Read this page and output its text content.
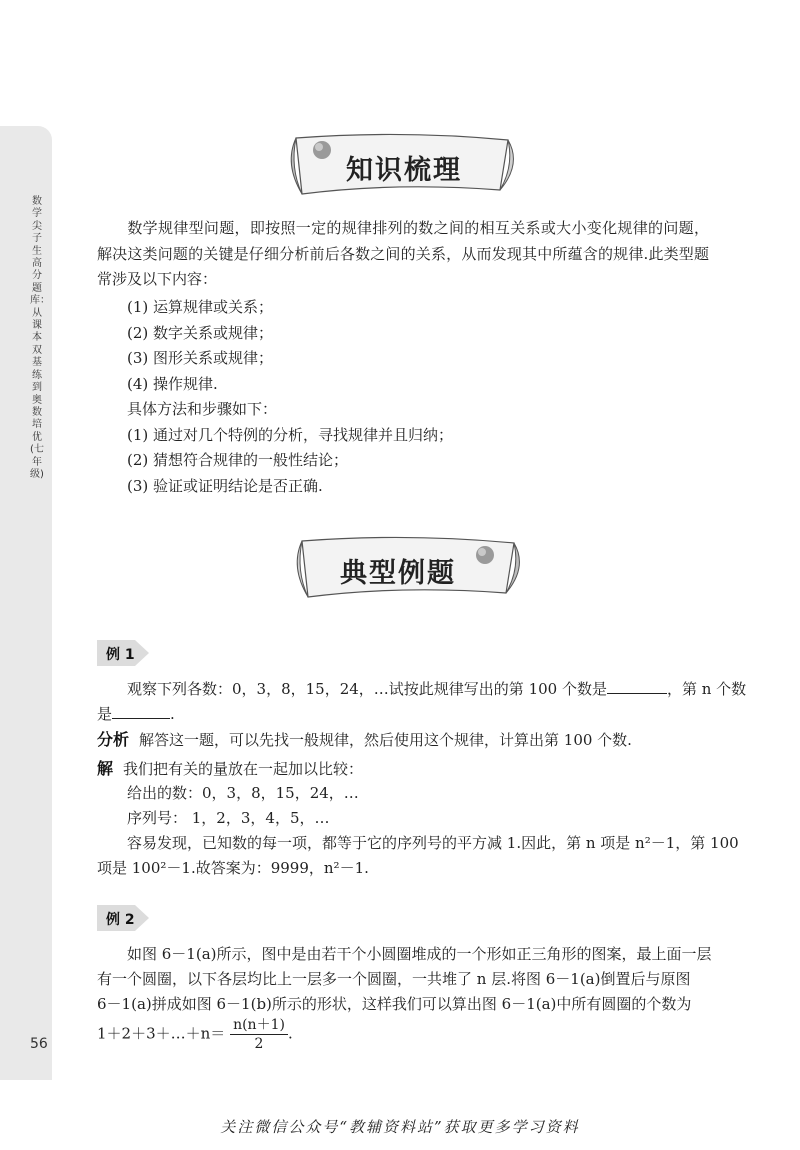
数学尖子生高分题库：从课本双基练到奥数培优(七年级)
56
知识梳理
数学规律型问题，即按照一定的规律排列的数之间的相互关系或大小变化规律的问题，解决这类问题的关键是仔细分析前后各数之间的关系，从而发现其中所蕴含的规律.此类型题常涉及以下内容：
(1) 运算规律或关系；
(2) 数字关系或规律；
(3) 图形关系或规律；
(4) 操作规律.
具体方法和步骤如下：
(1) 通过对几个特例的分析，寻找规律并且归纳；
(2) 猜想符合规律的一般性结论；
(3) 验证或证明结论是否正确.
典型例题
例 1
观察下列各数：0，3，8，15，24，…试按此规律写出的第 100 个数是	，第 n 个数
是	.
分析 解答这一题，可以先找一般规律，然后使用这个规律，计算出第 100 个数.
解 我们把有关的量放在一起加以比较：
给出的数：0，3，8，15，24，…
序列号： 1，2，3，4，5，…
容易发现，已知数的每一项，都等于它的序列号的平方减 1.因此，第 n 项是 n²－1，第 100
项是 100²－1.故答案为：9999，n²－1.
例 2
如图 6－1(a)所示，图中是由若干个小圆圈堆成的一个形如正三角形的图案，最上面一层
有一个圆圈，以下各层均比上一层多一个圆圈，一共堆了 n 层.将图 6－1(a)倒置后与原图
6－1(a)拼成如图 6－1(b)所示的形状，这样我们可以算出图 6－1(a)中所有圆圈的个数为
1＋2＋3＋…＋n＝ $\frac{n(n+1)}{2}$ .
关注微信公众号“教辅资料站”获取更多学习资料
